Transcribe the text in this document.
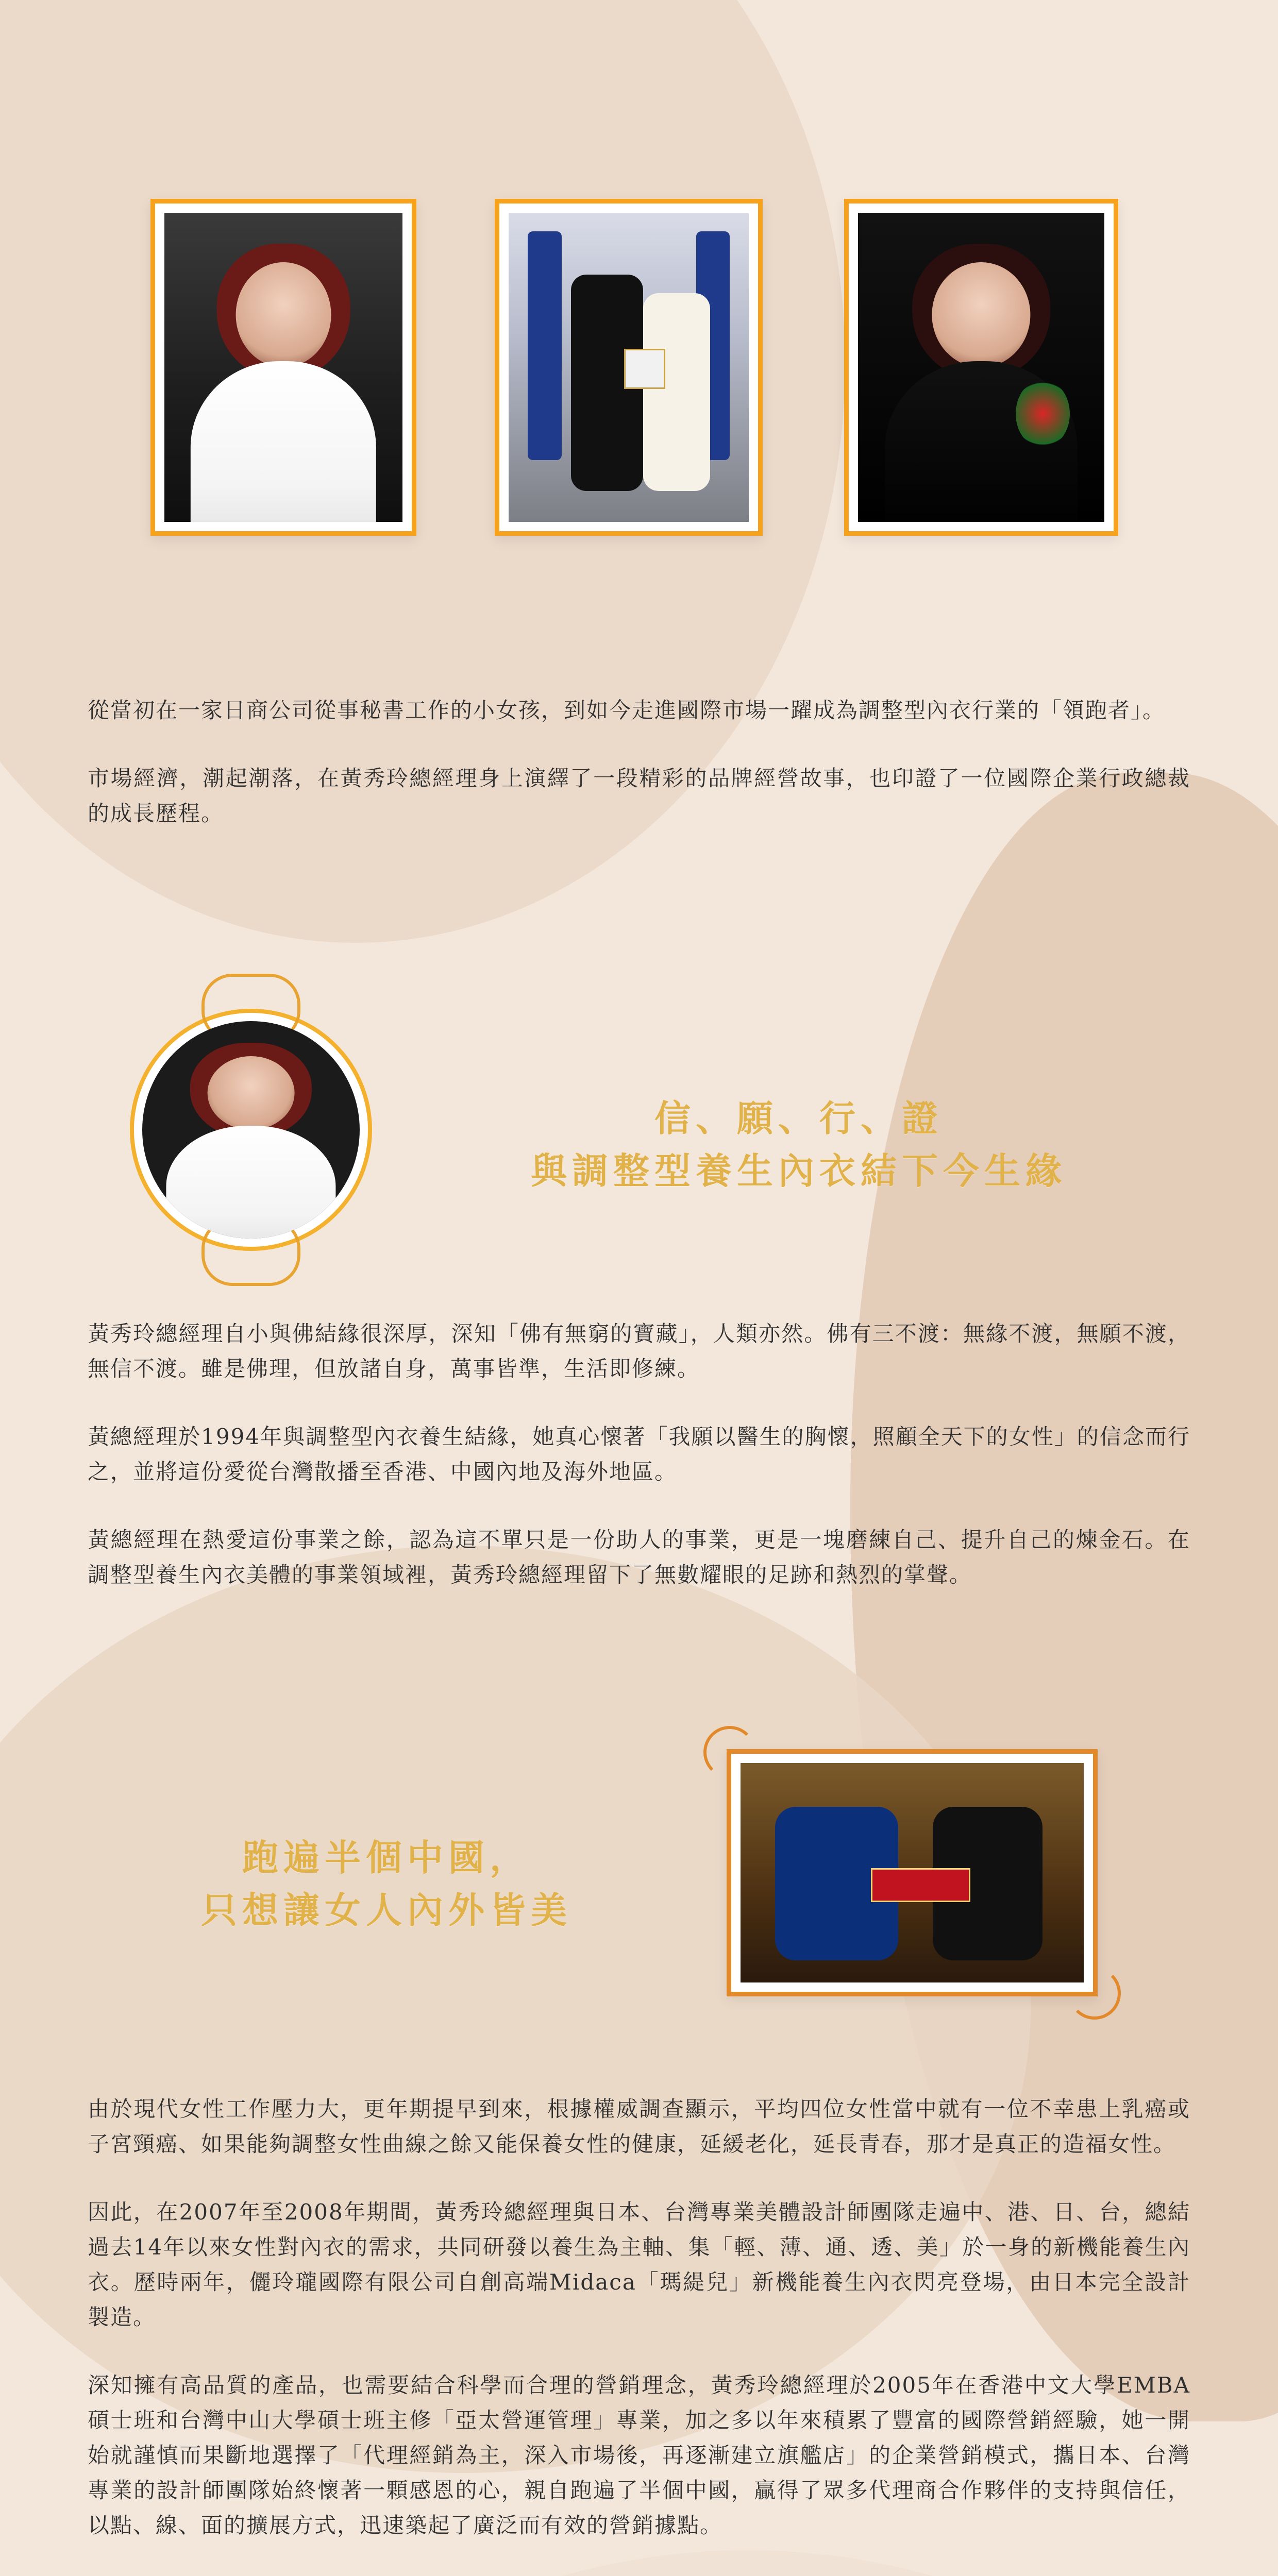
從當初在一家日商公司從事秘書工作的小女孩，到如今走進國際市場一躍成為調整型內衣行業的「領跑者」。

市場經濟，潮起潮落，在黃秀玲總經理身上演繹了一段精彩的品牌經營故事，也印證了一位國際企業行政總裁的成長歷程。

信、願、行、證
與調整型養生內衣結下今生緣

黃秀玲總經理自小與佛結緣很深厚，深知「佛有無窮的寶藏」，人類亦然。佛有三不渡：無緣不渡，無願不渡，無信不渡。雖是佛理，但放諸自身，萬事皆準，生活即修練。

黃總經理於1994年與調整型內衣養生結緣，她真心懷著「我願以醫生的胸懷，照顧全天下的女性」的信念而行之，並將這份愛從台灣散播至香港、中國內地及海外地區。

黃總經理在熱愛這份事業之餘，認為這不單只是一份助人的事業，更是一塊磨練自己、提升自己的煉金石。在調整型養生內衣美體的事業領域裡，黃秀玲總經理留下了無數耀眼的足跡和熱烈的掌聲。

跑遍半個中國，
只想讓女人內外皆美

由於現代女性工作壓力大，更年期提早到來，根據權威調查顯示，平均四位女性當中就有一位不幸患上乳癌或子宮頸癌、如果能夠調整女性曲線之餘又能保養女性的健康，延緩老化，延長青春，那才是真正的造福女性。

因此，在2007年至2008年期間，黃秀玲總經理與日本、台灣專業美體設計師團隊走遍中、港、日、台，總結過去14年以來女性對內衣的需求，共同研發以養生為主軸、集「輕、薄、通、透、美」於一身的新機能養生內衣。歷時兩年，儷玲瓏國際有限公司自創高端Midaca「瑪緹兒」新機能養生內衣閃亮登場，由日本完全設計製造。

深知擁有高品質的產品，也需要結合科學而合理的營銷理念，黃秀玲總經理於2005年在香港中文大學EMBA碩士班和台灣中山大學碩士班主修「亞太營運管理」專業，加之多以年來積累了豐富的國際營銷經驗，她一開始就謹慎而果斷地選擇了「代理經銷為主，深入市場後，再逐漸建立旗艦店」的企業營銷模式，攜日本、台灣專業的設計師團隊始終懷著一顆感恩的心，親自跑遍了半個中國，贏得了眾多代理商合作夥伴的支持與信任，以點、線、面的擴展方式，迅速築起了廣泛而有效的營銷據點。
